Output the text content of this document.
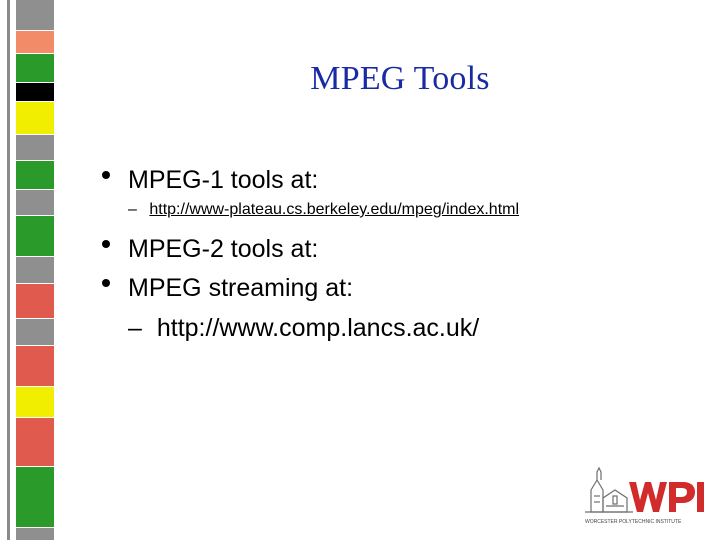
MPEG Tools
MPEG-1 tools at:
– http://www-plateau.cs.berkeley.edu/mpeg/index.html
MPEG-2 tools at:
MPEG streaming at:
– http://www.comp.lancs.ac.uk/
WORCESTER POLYTECHNIC INSTITUTE
